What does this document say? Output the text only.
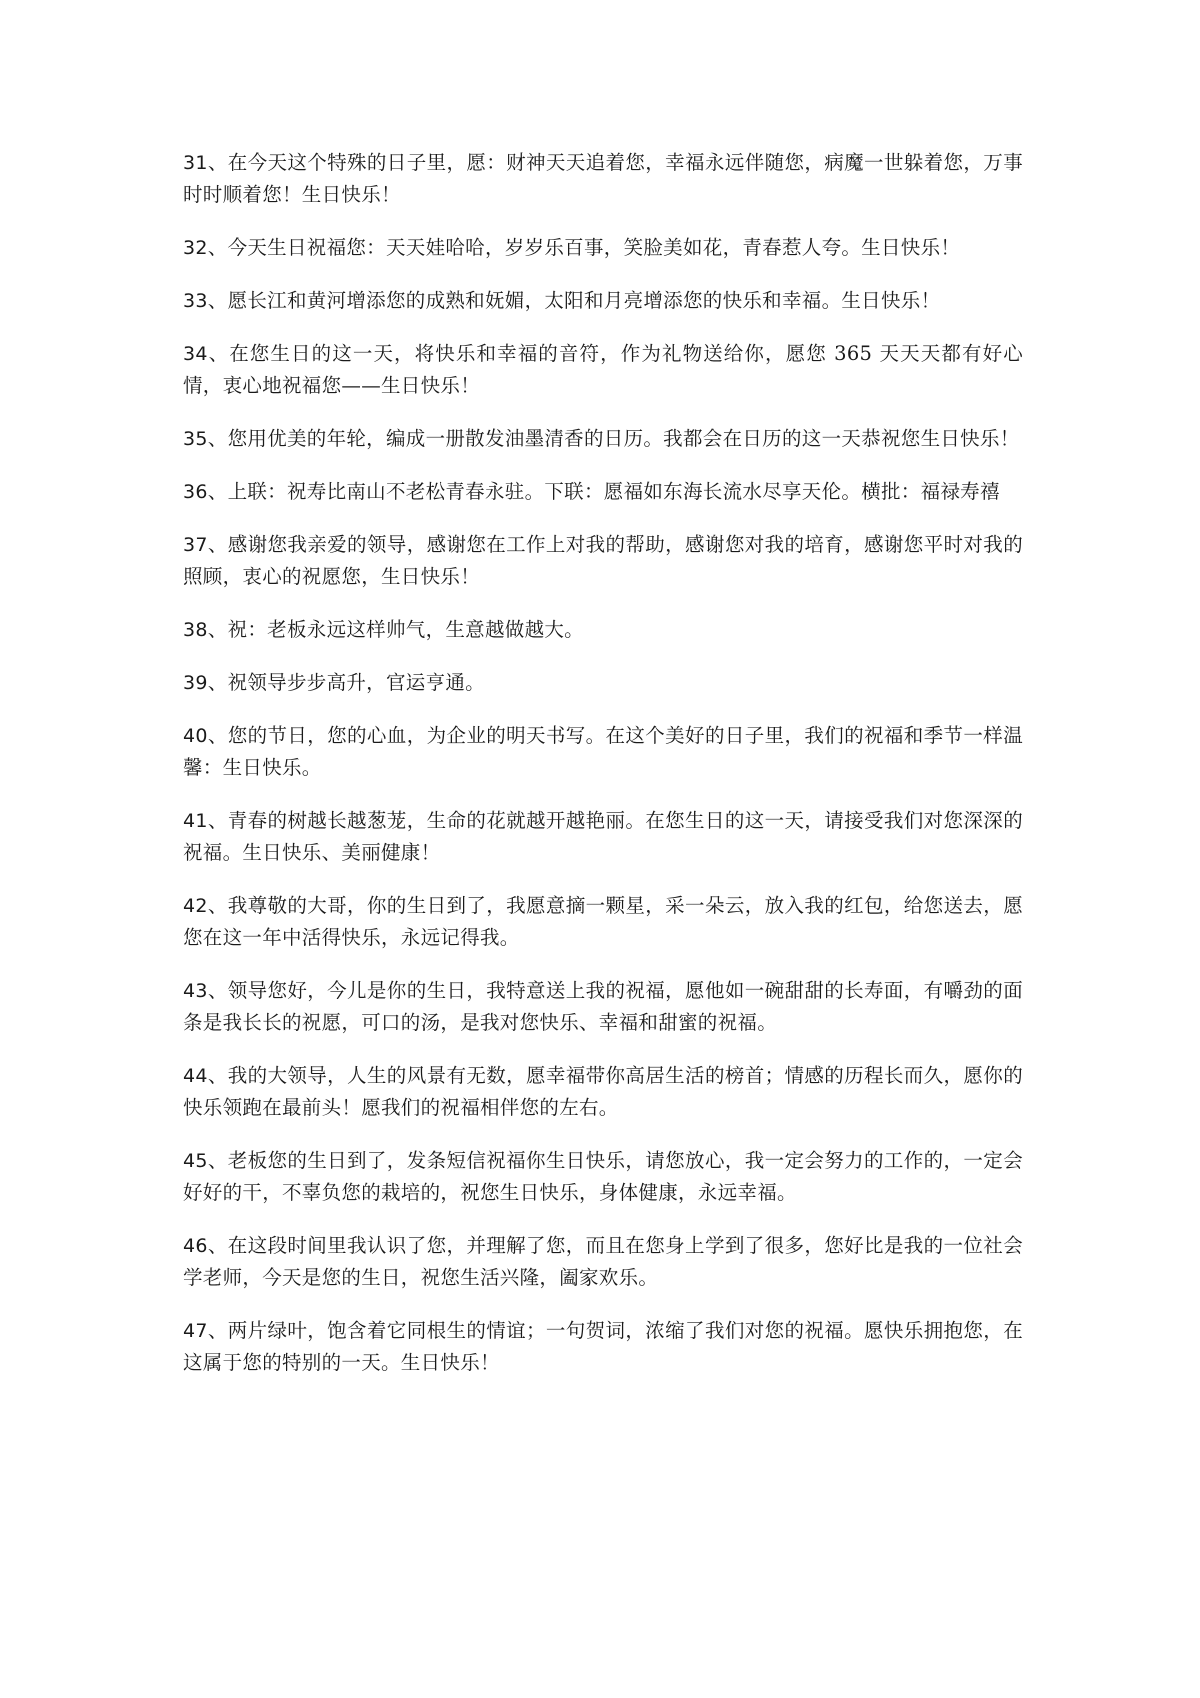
31、在今天这个特殊的日子里，愿：财神天天追着您，幸福永远伴随您，病魔一世躲着您，万事时时顺着您！生日快乐！

32、今天生日祝福您：天天娃哈哈，岁岁乐百事，笑脸美如花，青春惹人夸。生日快乐！

33、愿长江和黄河增添您的成熟和妩媚，太阳和月亮增添您的快乐和幸福。生日快乐！

34、在您生日的这一天，将快乐和幸福的音符，作为礼物送给你，愿您 365 天天天都有好心情，衷心地祝福您——生日快乐！

35、您用优美的年轮，编成一册散发油墨清香的日历。我都会在日历的这一天恭祝您生日快乐！

36、上联：祝寿比南山不老松青春永驻。下联：愿福如东海长流水尽享天伦。横批：福禄寿禧

37、感谢您我亲爱的领导，感谢您在工作上对我的帮助，感谢您对我的培育，感谢您平时对我的照顾，衷心的祝愿您，生日快乐！

38、祝：老板永远这样帅气，生意越做越大。

39、祝领导步步高升，官运亨通。

40、您的节日，您的心血，为企业的明天书写。在这个美好的日子里，我们的祝福和季节一样温馨：生日快乐。

41、青春的树越长越葱茏，生命的花就越开越艳丽。在您生日的这一天，请接受我们对您深深的祝福。生日快乐、美丽健康！

42、我尊敬的大哥，你的生日到了，我愿意摘一颗星，采一朵云，放入我的红包，给您送去，愿您在这一年中活得快乐，永远记得我。

43、领导您好，今儿是你的生日，我特意送上我的祝福，愿他如一碗甜甜的长寿面，有嚼劲的面条是我长长的祝愿，可口的汤，是我对您快乐、幸福和甜蜜的祝福。

44、我的大领导，人生的风景有无数，愿幸福带你高居生活的榜首；情感的历程长而久，愿你的快乐领跑在最前头！愿我们的祝福相伴您的左右。

45、老板您的生日到了，发条短信祝福你生日快乐，请您放心，我一定会努力的工作的，一定会好好的干，不辜负您的栽培的，祝您生日快乐，身体健康，永远幸福。

46、在这段时间里我认识了您，并理解了您，而且在您身上学到了很多，您好比是我的一位社会学老师，今天是您的生日，祝您生活兴隆，阖家欢乐。

47、两片绿叶，饱含着它同根生的情谊；一句贺词，浓缩了我们对您的祝福。愿快乐拥抱您，在这属于您的特别的一天。生日快乐！
